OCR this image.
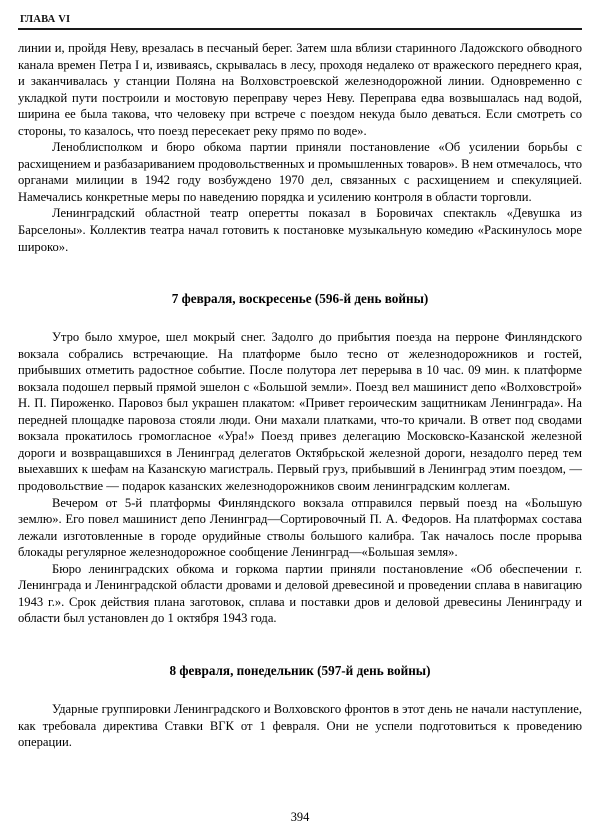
ГЛАВА VI

линии и, пройдя Неву, врезалась в песчаный берег. Затем шла вблизи старинного Ладожского обводного канала времен Петра I и, извиваясь, скрывалась в лесу, проходя недалеко от вражеского переднего края, и заканчивалась у станции Поляна на Волховстроевской железнодорожной линии. Одновременно с укладкой пути построили и мостовую переправу через Неву. Переправа едва возвышалась над водой, ширина ее была такова, что человеку при встрече с поездом некуда было деваться. Если смотреть со стороны, то казалось, что поезд пересекает реку прямо по воде».

Леноблисполком и бюро обкома партии приняли постановление «Об усилении борьбы с расхищением и разбазариванием продовольственных и промышленных товаров». В нем отмечалось, что органами милиции в 1942 году возбуждено 1970 дел, связанных с расхищением и спекуляцией. Намечались конкретные меры по наведению порядка и усилению контроля в области торговли.

Ленинградский областной театр оперетты показал в Боровичах спектакль «Девушка из Барселоны». Коллектив театра начал готовить к постановке музыкальную комедию «Раскинулось море широко».

7 февраля, воскресенье (596-й день войны)

Утро было хмурое, шел мокрый снег. Задолго до прибытия поезда на перроне Финляндского вокзала собрались встречающие. На платформе было тесно от железнодорожников и гостей, прибывших отметить радостное событие. После полутора лет перерыва в 10 час. 09 мин. к платформе вокзала подошел первый прямой эшелон с «Большой земли». Поезд вел машинист депо «Волховстрой» Н. П. Пироженко. Паровоз был украшен плакатом: «Привет героическим защитникам Ленинграда». На передней площадке паровоза стояли люди. Они махали платками, что-то кричали. В ответ под сводами вокзала прокатилось громогласное «Ура!» Поезд привез делегацию Московско-Казанской железной дороги и возвращавшихся в Ленинград делегатов Октябрьской железной дороги, незадолго перед тем выехавших к шефам на Казанскую магистраль. Первый груз, прибывший в Ленинград этим поездом, — продовольствие — подарок казанских железнодорожников своим ленинградским коллегам.

Вечером от 5-й платформы Финляндского вокзала отправился первый поезд на «Большую землю». Его повел машинист депо Ленинград—Сортировочный П. А. Федоров. На платформах состава лежали изготовленные в городе орудийные стволы большого калибра. Так началось после прорыва блокады регулярное железнодорожное сообщение Ленинград—«Большая земля».

Бюро ленинградских обкома и горкома партии приняли постановление «Об обеспечении г. Ленинграда и Ленинградской области дровами и деловой древесиной и проведении сплава в навигацию 1943 г.». Срок действия плана заготовок, сплава и поставки дров и деловой древесины Ленинграду и области был установлен до 1 октября 1943 года.

8 февраля, понедельник (597-й день войны)

Ударные группировки Ленинградского и Волховского фронтов в этот день не начали наступление, как требовала директива Ставки ВГК от 1 февраля. Они не успели подготовиться к проведению операции.

394
